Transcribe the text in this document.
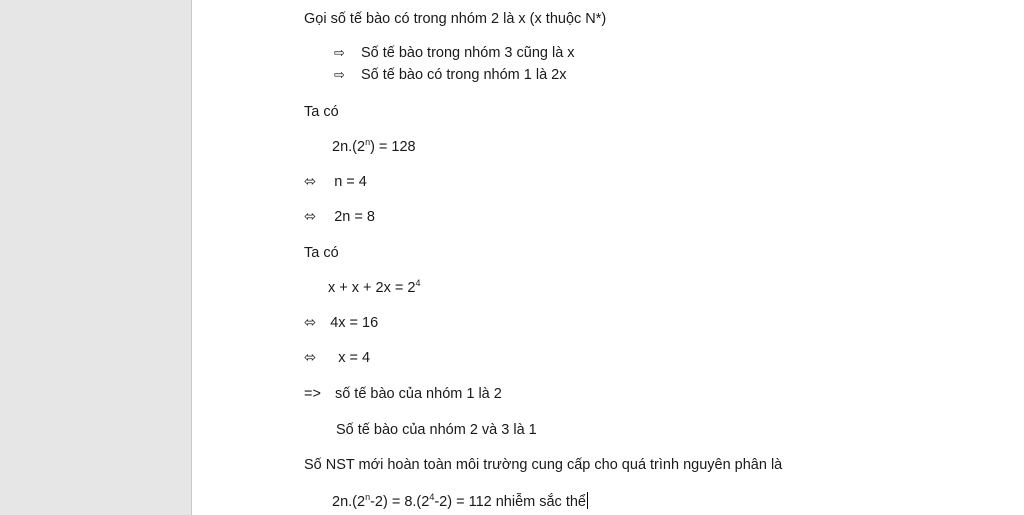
Gọi số tế bào có trong nhóm 2 là x (x thuộc N*)
⇨ Số tế bào trong nhóm 3 cũng là x
⇨ Số tế bào có trong nhóm 1 là 2x
Ta có
$2n.(2^n) = 128$
⬄ n = 4
⬄ 2n = 8
Ta có
$x + x + 2x = 2^4$
⬄ 4x = 16
⬄ x = 4
=> số tế bào của nhóm 1 là 2
Số tế bào của nhóm 2 và 3 là 1
Số NST mới hoàn toàn môi trường cung cấp cho quá trình nguyên phân là
$2n.(2^n-2) = 8.(2^4-2) = 112$ nhiễm sắc thể
